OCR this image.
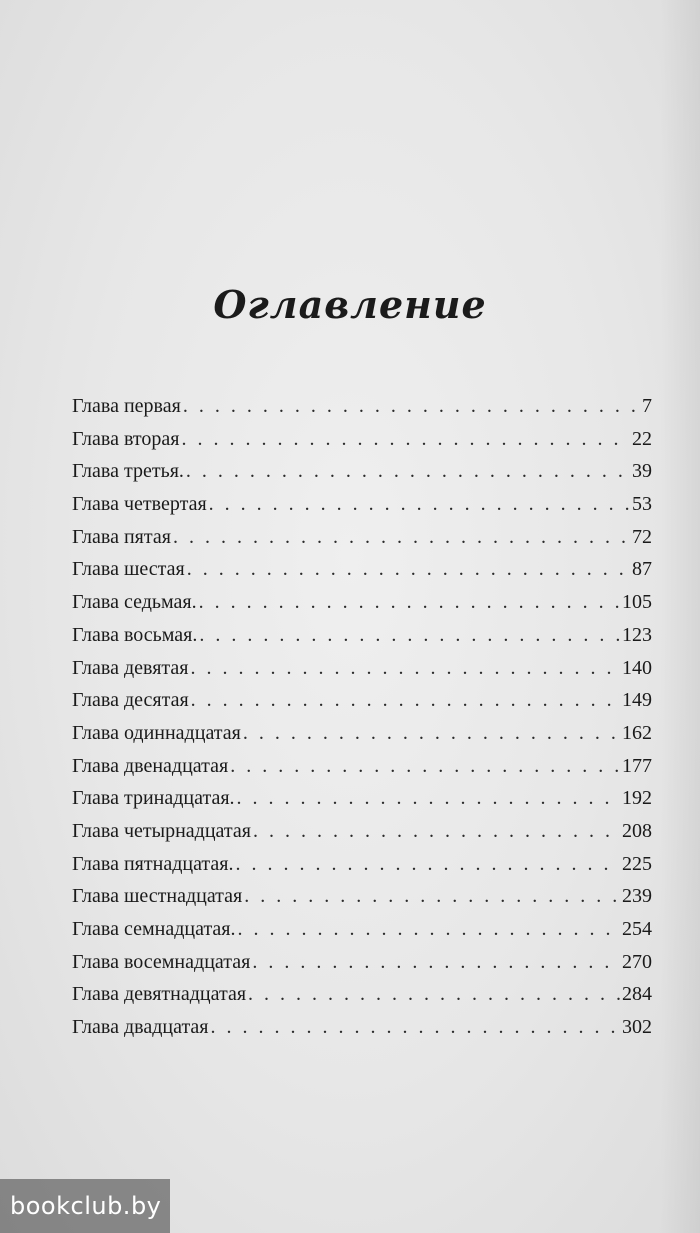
Оглавление
Глава первая . . .	7
Глава вторая . . .	22
Глава третья. . . .	39
Глава четвертая . . .	53
Глава пятая . . .	72
Глава шестая . . .	87
Глава седьмая. . . .	105
Глава восьмая. . . .	123
Глава девятая . . .	140
Глава десятая . . .	149
Глава одиннадцатая . . .	162
Глава двенадцатая . . .	177
Глава тринадцатая. . . .	192
Глава четырнадцатая . . .	208
Глава пятнадцатая. . . .	225
Глава шестнадцатая . . .	239
Глава семнадцатая. . . .	254
Глава восемнадцатая . . .	270
Глава девятнадцатая . . .	284
Глава двадцатая . . .	302
bookclub.by
